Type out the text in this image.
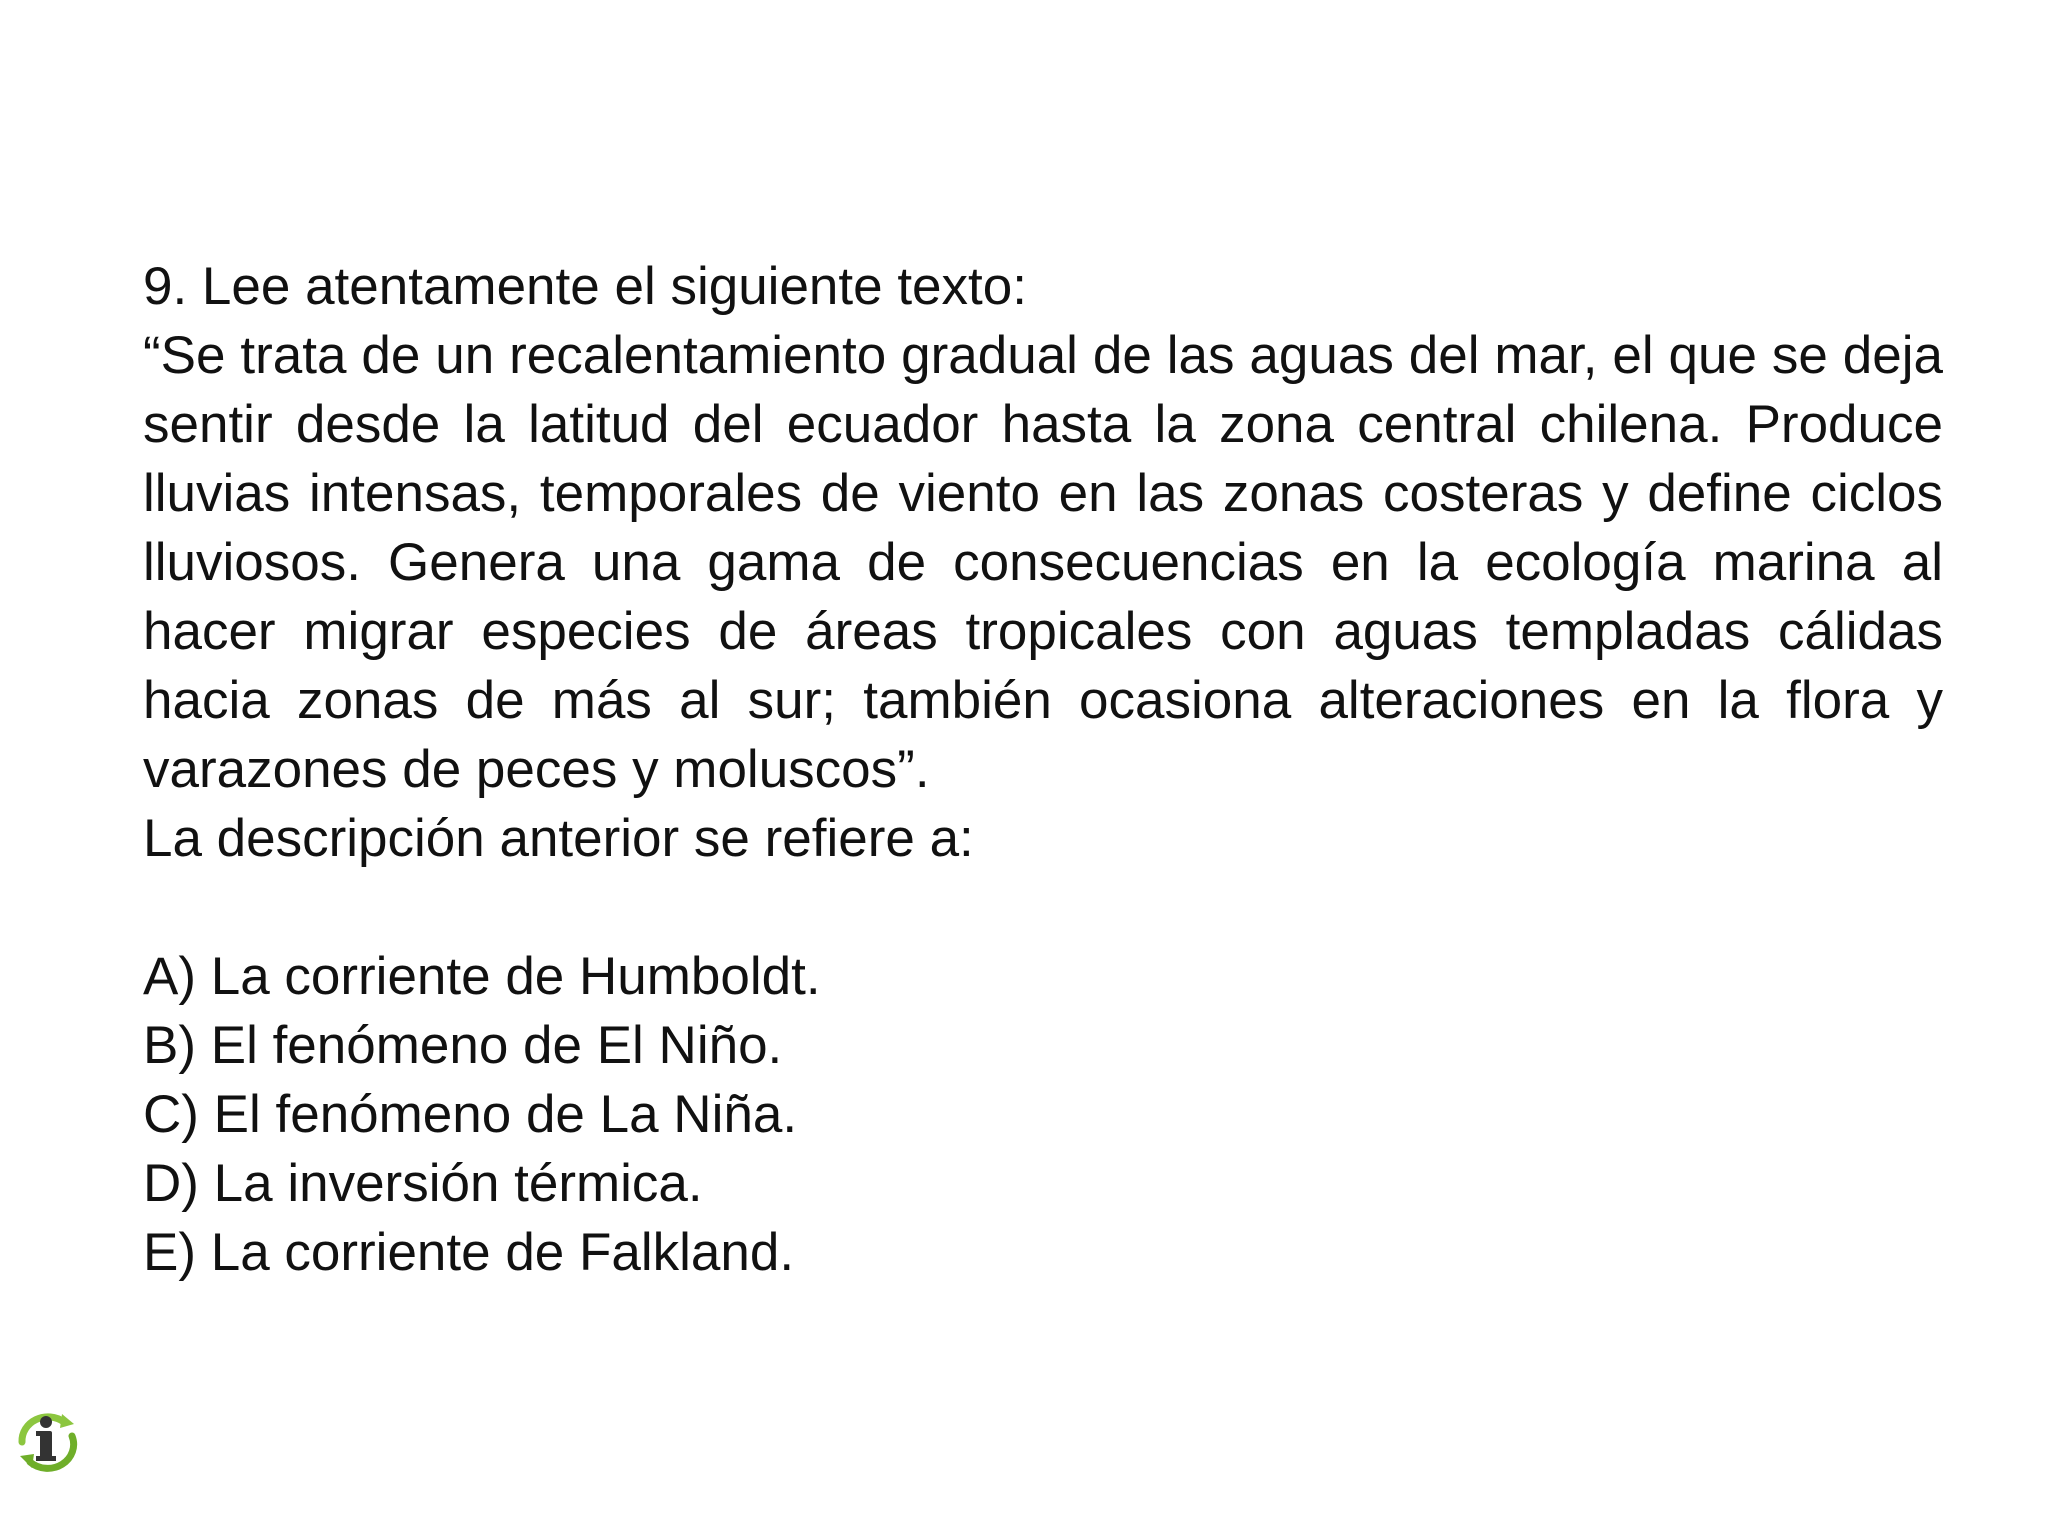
9. Lee atentamente el siguiente texto:

“Se trata de un recalentamiento gradual de las aguas del mar, el que se deja sentir desde la latitud del ecuador hasta la zona central chilena. Produce lluvias intensas, temporales de viento en las zonas costeras y define ciclos lluviosos. Genera una gama de consecuencias en la ecología marina al hacer migrar especies de áreas tropicales con aguas templadas cálidas hacia zonas de más al sur; también ocasiona alteraciones en la flora y varazones de peces y moluscos”.

La descripción anterior se refiere a:
A) La corriente de Humboldt.
B) El fenómeno de El Niño.
C) El fenómeno de La Niña.
D) La inversión térmica.
E) La corriente de Falkland.
